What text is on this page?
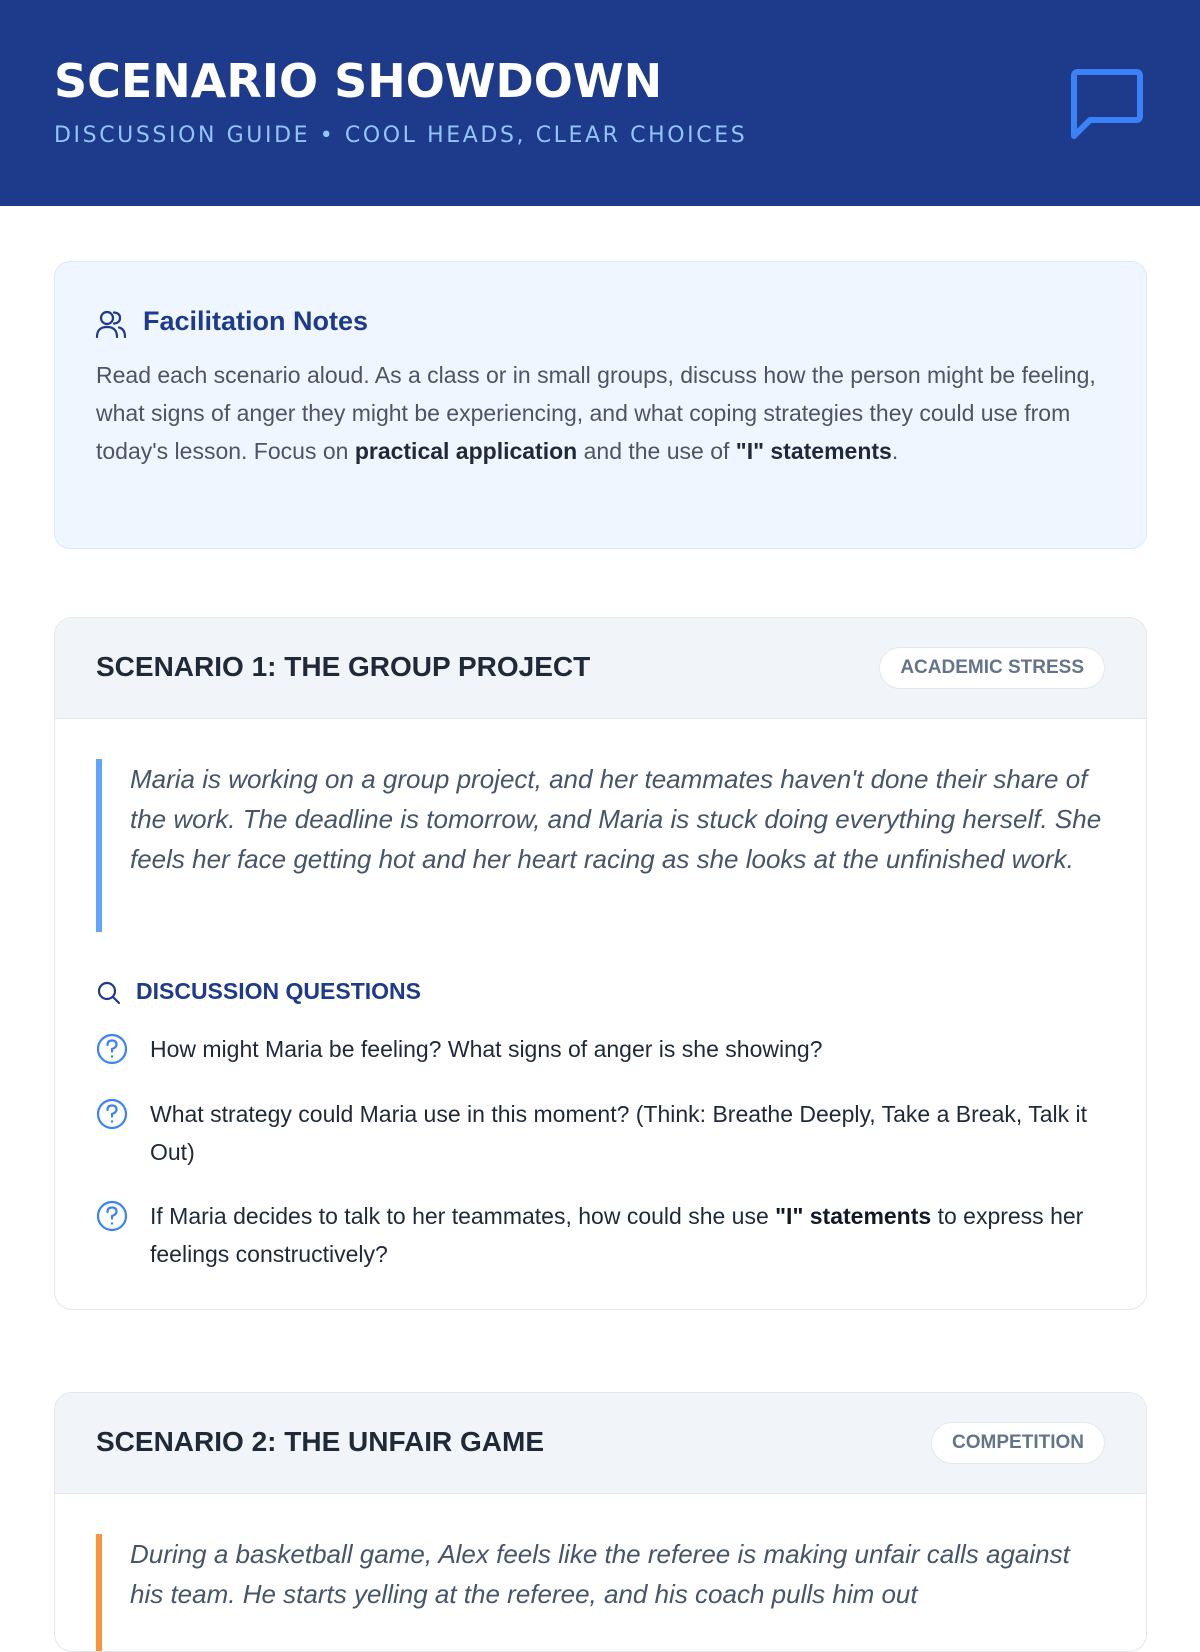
SCENARIO SHOWDOWN
DISCUSSION GUIDE • COOL HEADS, CLEAR CHOICES
Facilitation Notes
Read each scenario aloud. As a class or in small groups, discuss how the person might be feeling, what signs of anger they might be experiencing, and what coping strategies they could use from today's lesson. Focus on practical application and the use of "I" statements.
SCENARIO 1: THE GROUP PROJECT	ACADEMIC STRESS
Maria is working on a group project, and her teammates haven't done their share of the work. The deadline is tomorrow, and Maria is stuck doing everything herself. She feels her face getting hot and her heart racing as she looks at the unfinished work.
DISCUSSION QUESTIONS
How might Maria be feeling? What signs of anger is she showing?
What strategy could Maria use in this moment? (Think: Breathe Deeply, Take a Break, Talk it Out)
If Maria decides to talk to her teammates, how could she use "I" statements to express her feelings constructively?
SCENARIO 2: THE UNFAIR GAME	COMPETITION
During a basketball game, Alex feels like the referee is making unfair calls against his team. He starts yelling at the referee, and his coach pulls him out
